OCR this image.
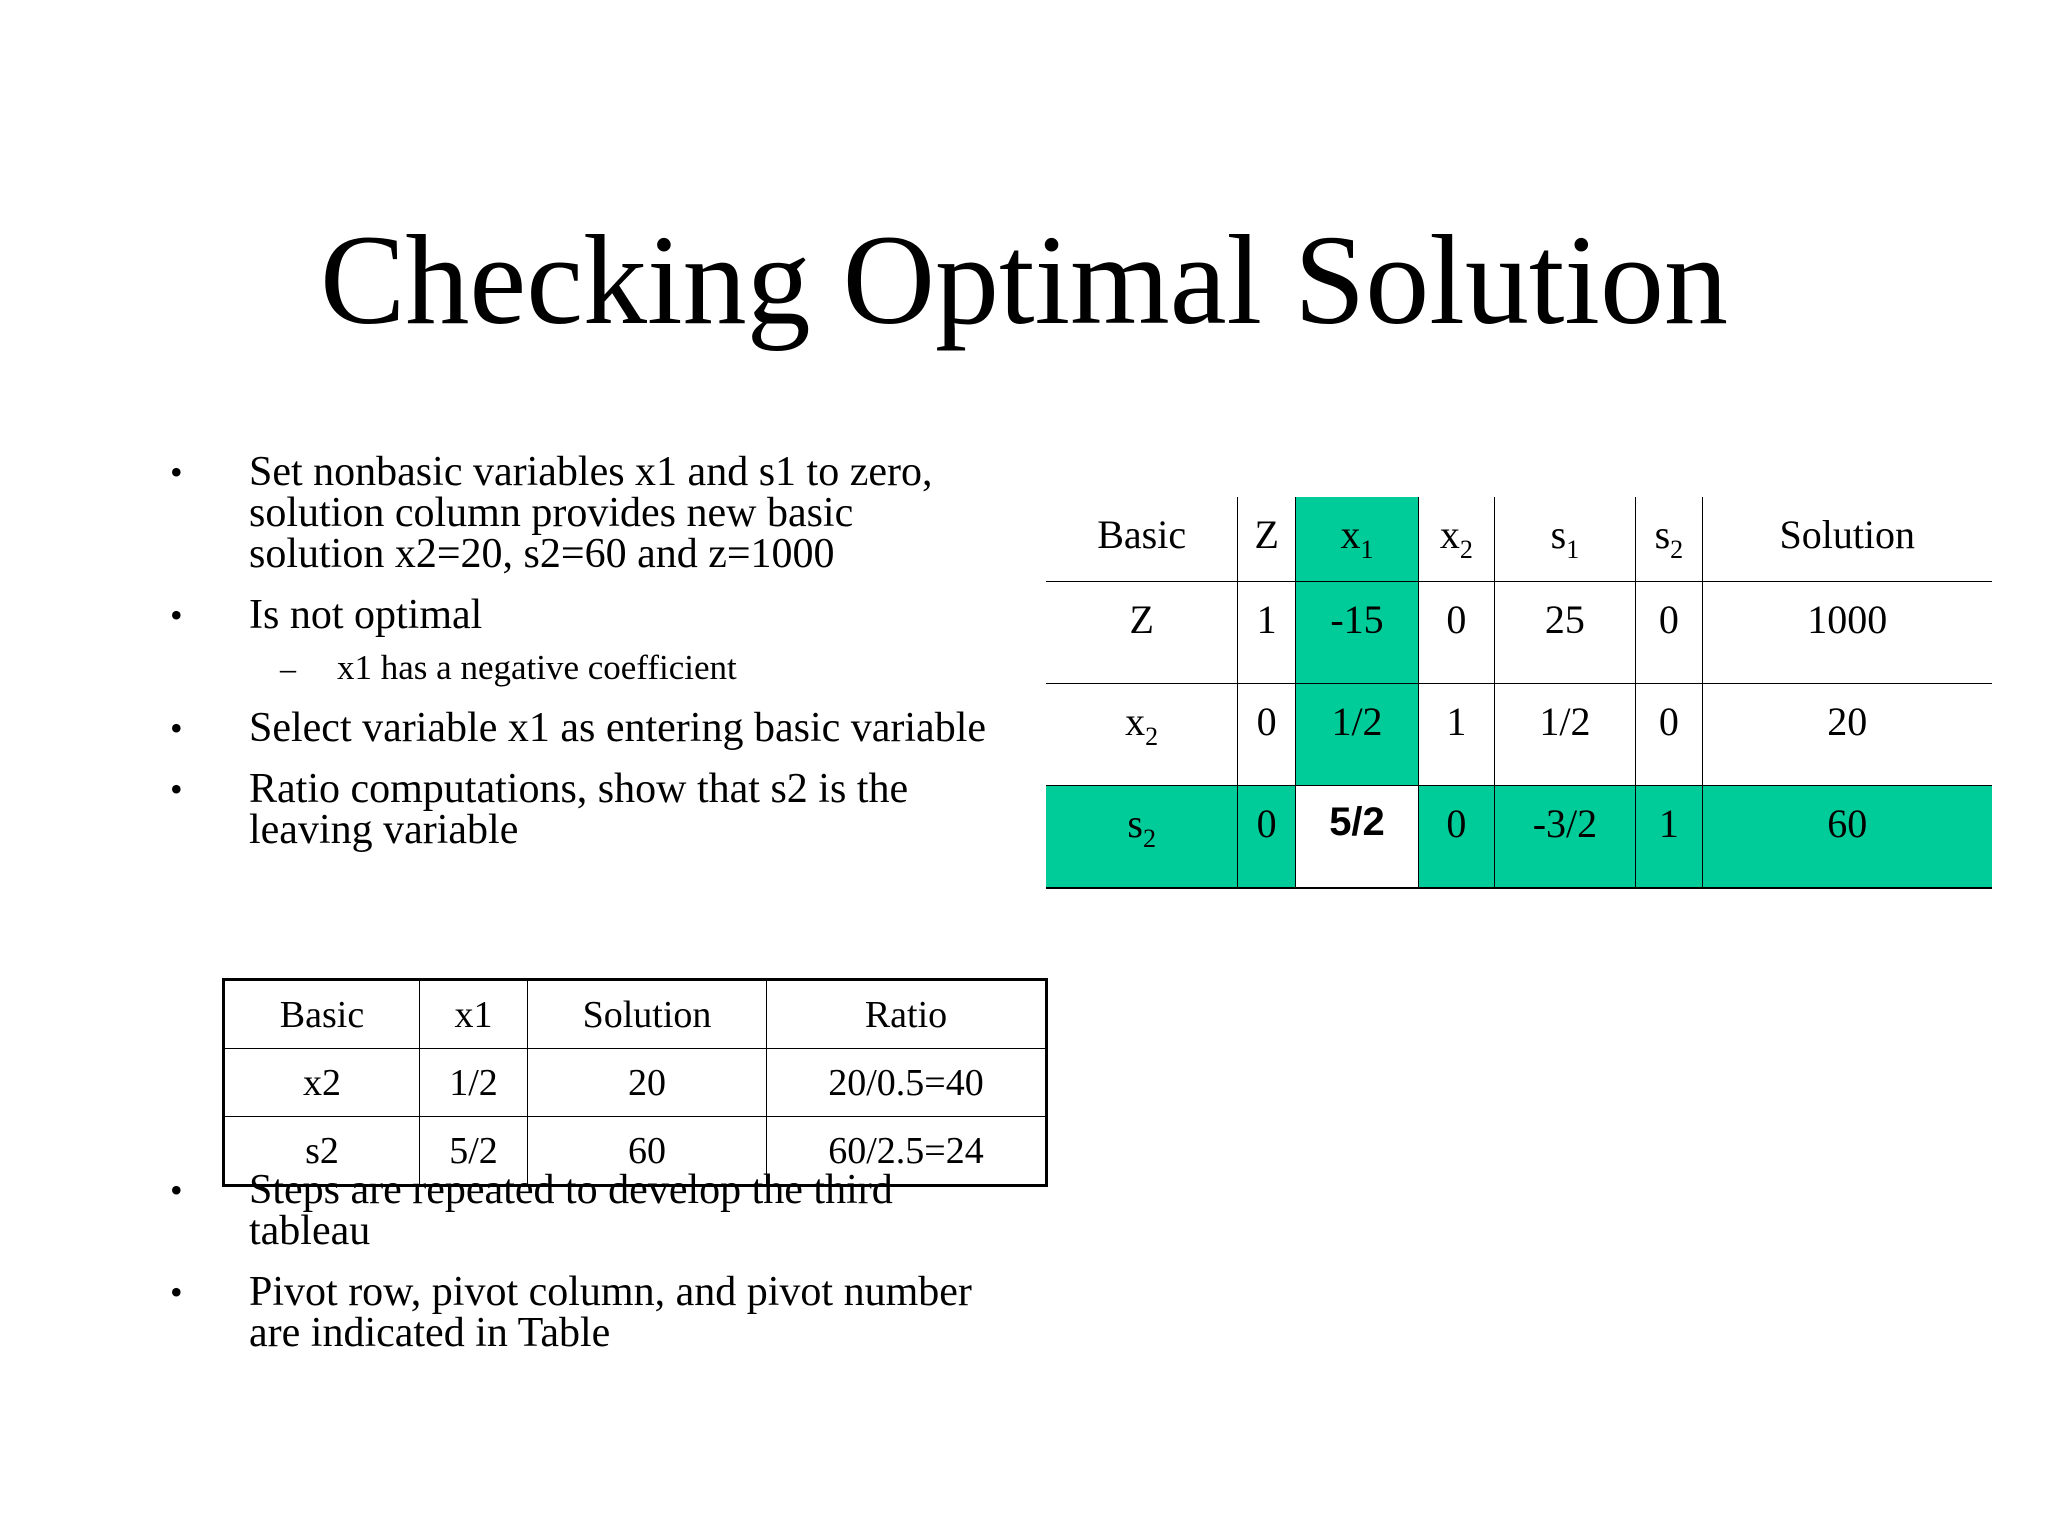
Checking Optimal Solution
• Set nonbasic variables x1 and s1 to zero, solution column provides new basic solution x2=20, s2=60 and z=1000
• Is not optimal
– x1 has a negative coefficient
• Select variable x1 as entering basic variable
• Ratio computations, show that s2 is the leaving variable
Basic	Z	$x_1$	$x_2$	$s_1$	$s_2$	Solution
Z	1	-15	0	25	0	1000
$x_2$	0	1/2	1	1/2	0	20
$s_2$	0	5/2	0	-3/2	1	60
• Steps are repeated to develop the third tableau
• Pivot row, pivot column, and pivot number are indicated in Table
Basic	x1	Solution	Ratio
x2	1/2	20	20/0.5=40
s2	5/2	60	60/2.5=24
